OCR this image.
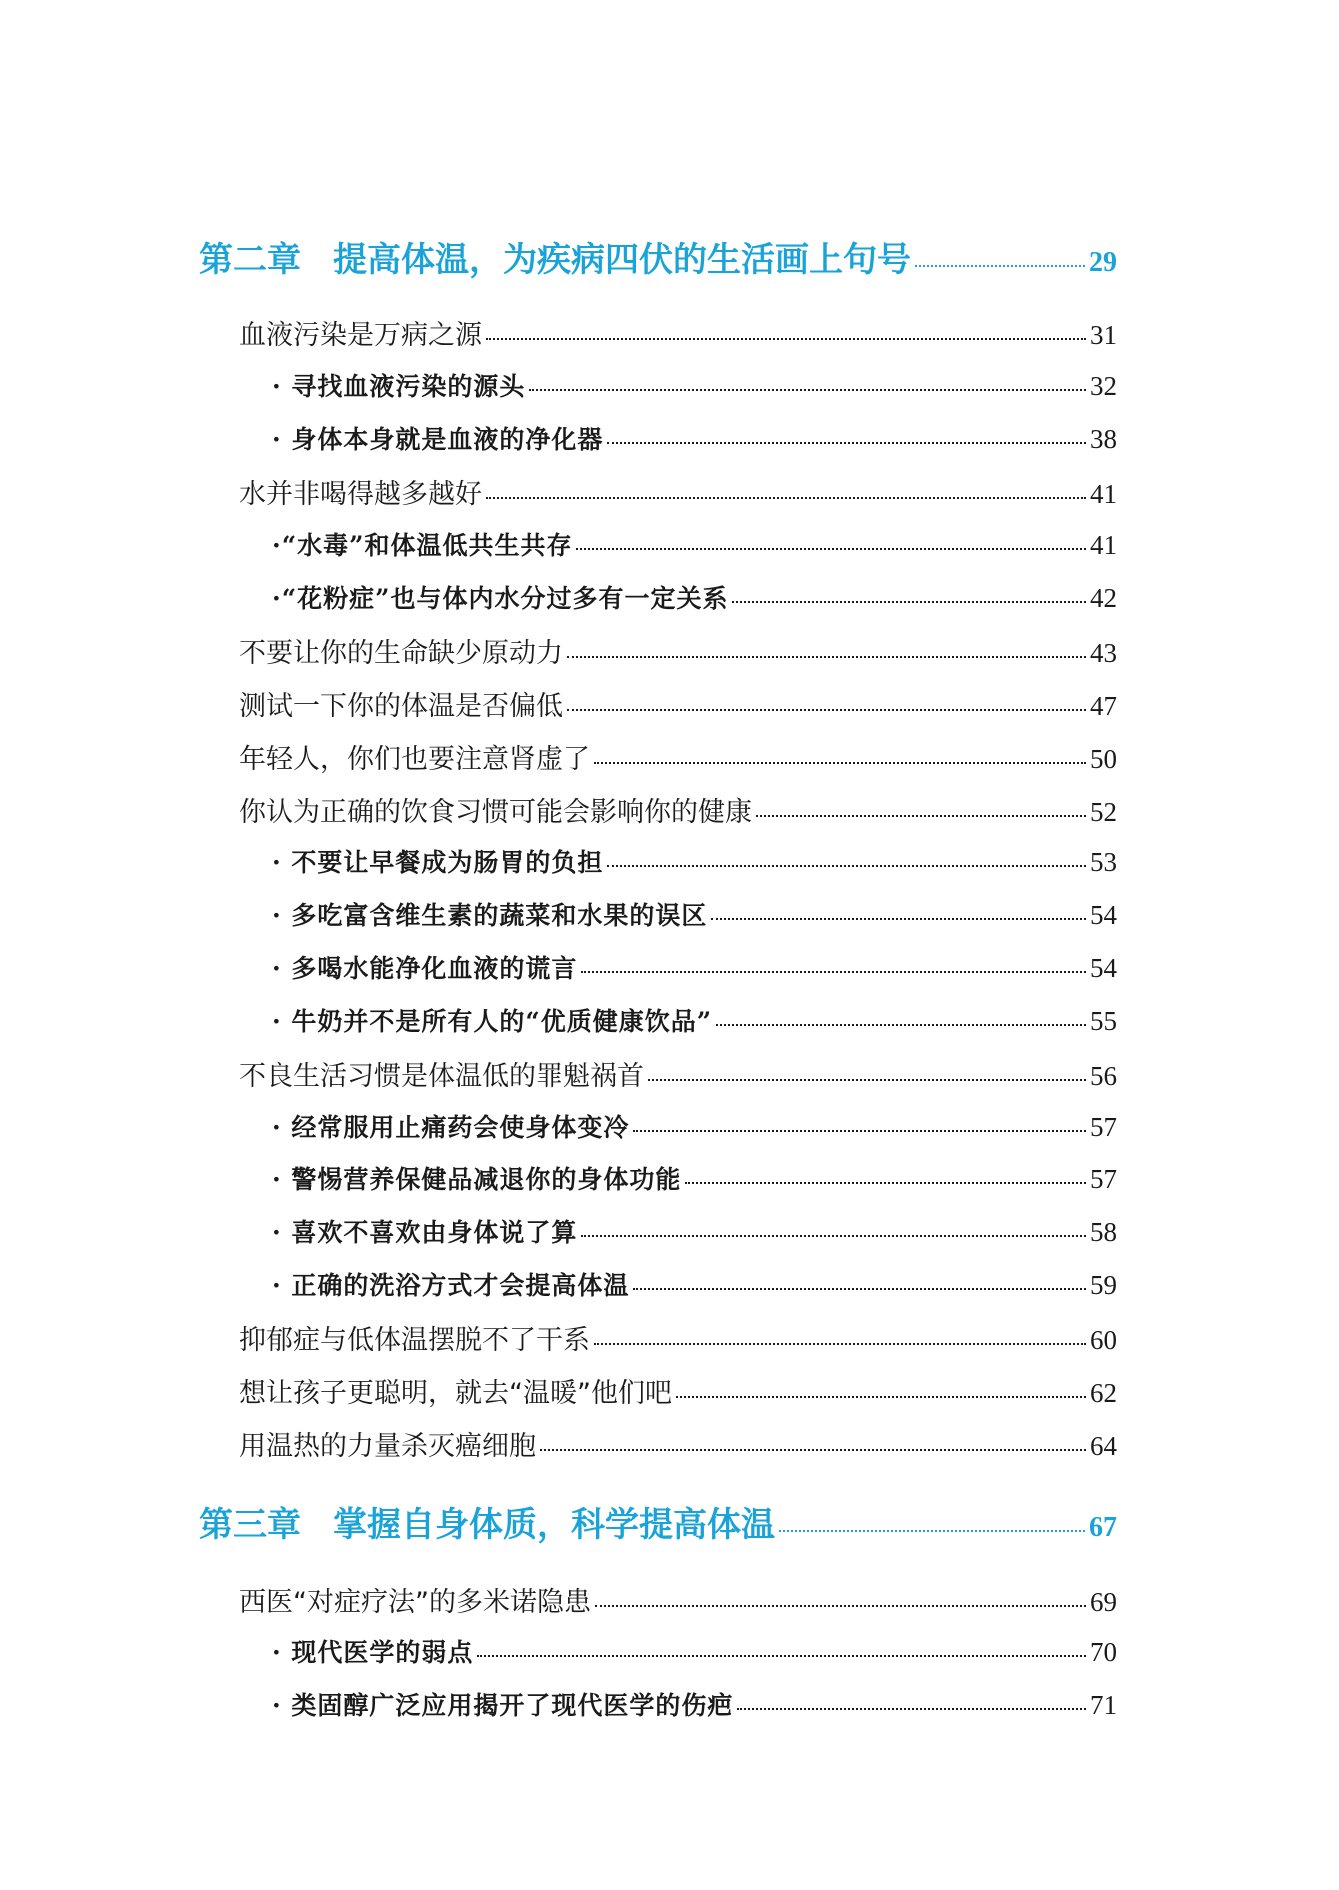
第二章 提高体温，为疾病四伏的生活画上句号	29
血液污染是万病之源	31
· 寻找血液污染的源头	32
· 身体本身就是血液的净化器	38
水并非喝得越多越好	41
·“水毒”和体温低共生共存	41
·“花粉症”也与体内水分过多有一定关系	42
不要让你的生命缺少原动力	43
测试一下你的体温是否偏低	47
年轻人，你们也要注意肾虚了	50
你认为正确的饮食习惯可能会影响你的健康	52
· 不要让早餐成为肠胃的负担	53
· 多吃富含维生素的蔬菜和水果的误区	54
· 多喝水能净化血液的谎言	54
· 牛奶并不是所有人的“优质健康饮品”	55
不良生活习惯是体温低的罪魁祸首	56
· 经常服用止痛药会使身体变冷	57
· 警惕营养保健品减退你的身体功能	57
· 喜欢不喜欢由身体说了算	58
· 正确的洗浴方式才会提高体温	59
抑郁症与低体温摆脱不了干系	60
想让孩子更聪明，就去“温暖”他们吧	62
用温热的力量杀灭癌细胞	64
第三章 掌握自身体质，科学提高体温	67
西医“对症疗法”的多米诺隐患	69
· 现代医学的弱点	70
· 类固醇广泛应用揭开了现代医学的伤疤	71
